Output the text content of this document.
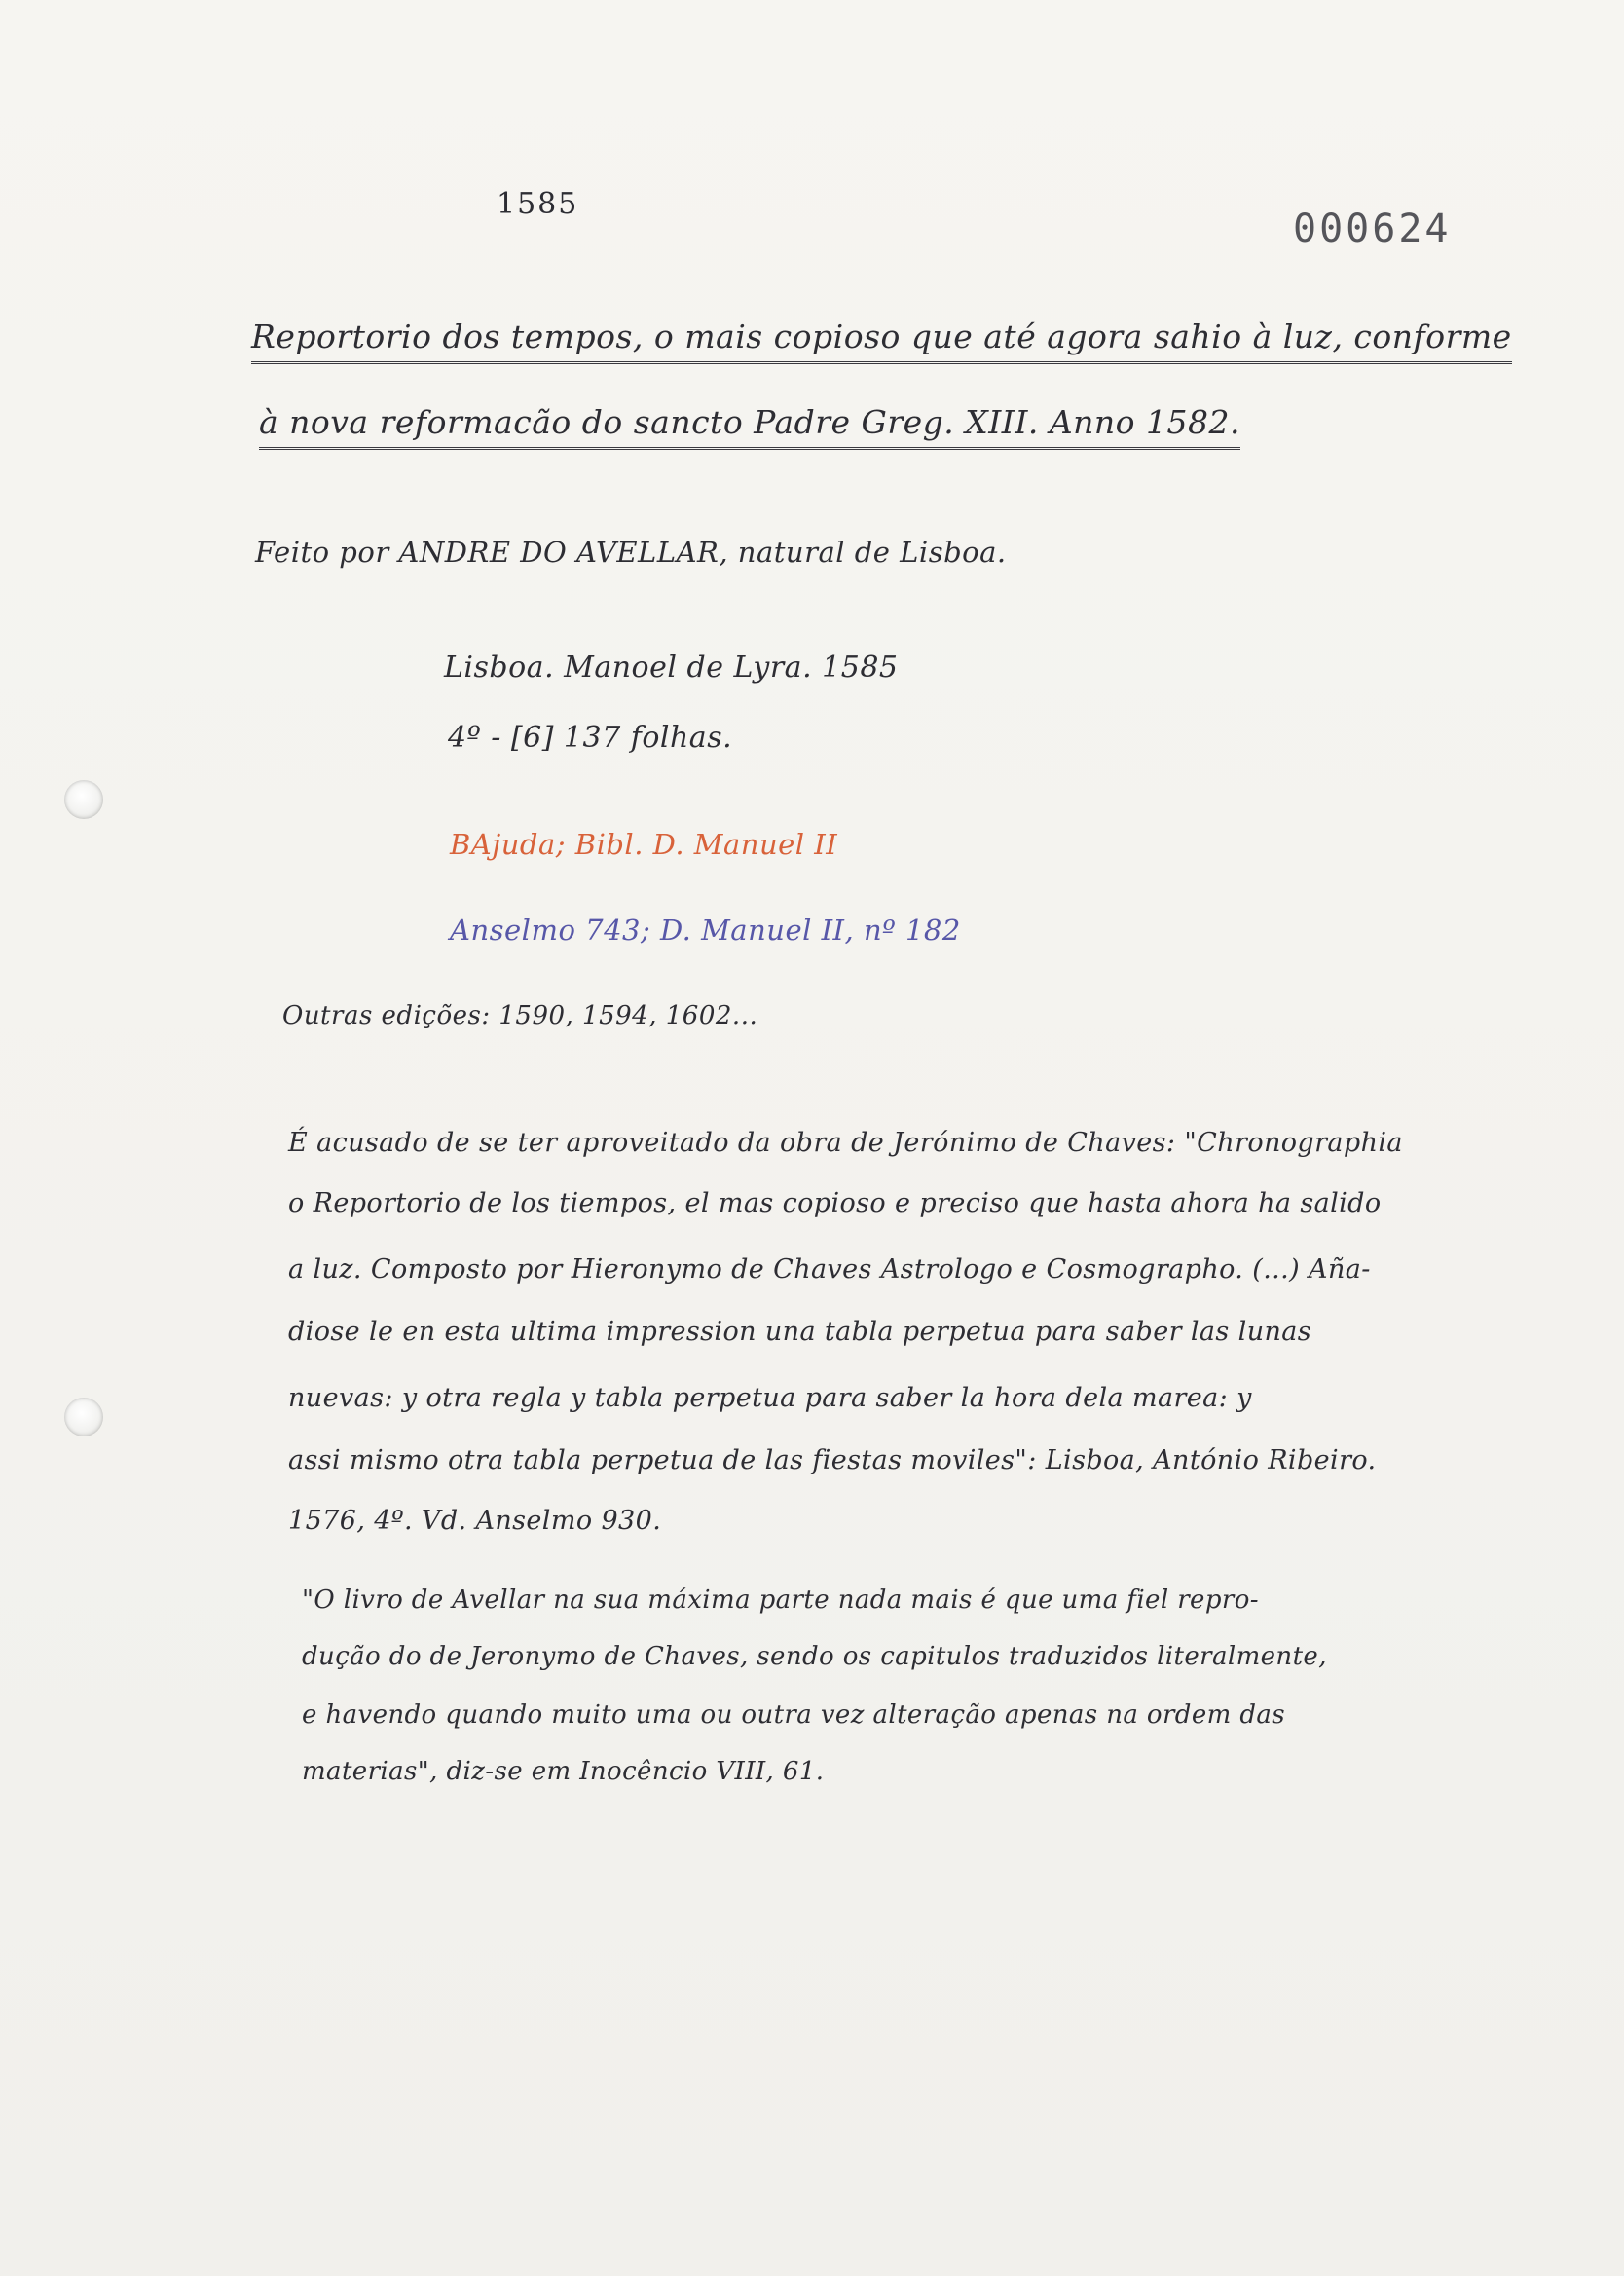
1585
000624
Reportorio dos tempos, o mais copioso que até agora sahio à luz, conforme
à nova reformacão do sancto Padre Greg. XIII. Anno 1582.
Feito por ANDRE DO AVELLAR, natural de Lisboa.
Lisboa. Manoel de Lyra. 1585
4º - [6] 137 folhas.
BAjuda; Bibl. D. Manuel II
Anselmo 743; D. Manuel II, nº 182
Outras edições: 1590, 1594, 1602...
É acusado de se ter aproveitado da obra de Jerónimo de Chaves: "Chronographia
o Reportorio de los tiempos, el mas copioso e preciso que hasta ahora ha salido
a luz. Composto por Hieronymo de Chaves Astrologo e Cosmographo. (...) Aña-
diose le en esta ultima impression una tabla perpetua para saber las lunas
nuevas: y otra regla y tabla perpetua para saber la hora dela marea: y
assi mismo otra tabla perpetua de las fiestas moviles": Lisboa, António Ribeiro.
1576, 4º. Vd. Anselmo 930.
"O livro de Avellar na sua máxima parte nada mais é que uma fiel repro-
dução do de Jeronymo de Chaves, sendo os capitulos traduzidos literalmente,
e havendo quando muito uma ou outra vez alteração apenas na ordem das
materias", diz-se em Inocêncio VIII, 61.
